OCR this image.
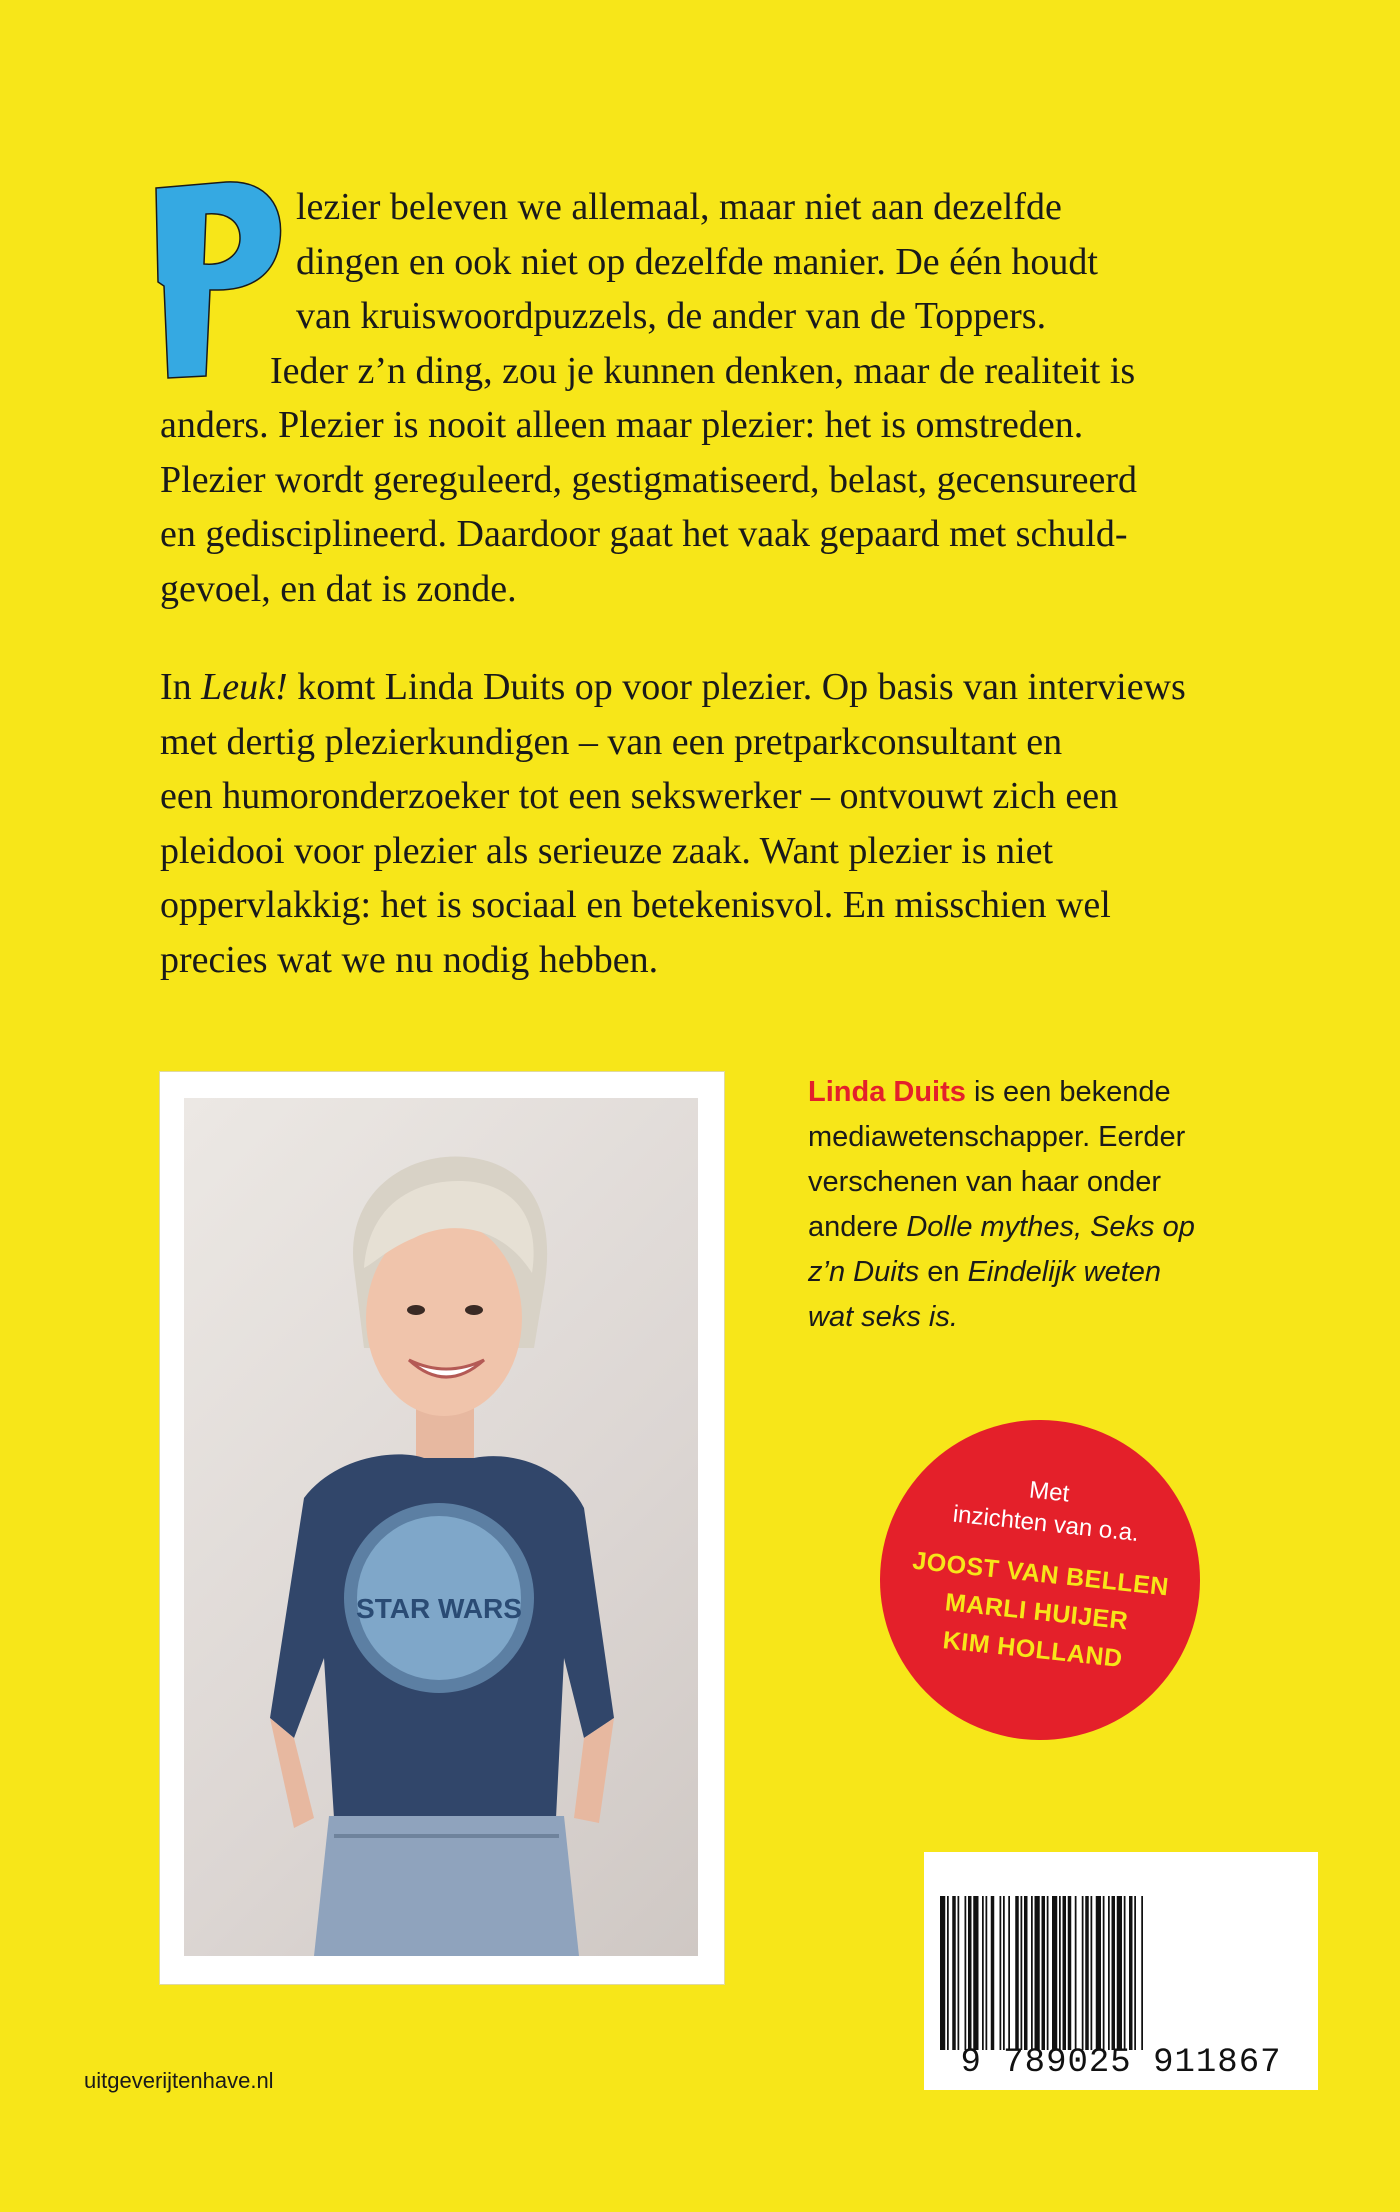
lezier beleven we allemaal, maar niet aan dezelfde
dingen en ook niet op dezelfde manier. De één houdt
van kruiswoordpuzzels, de ander van de Toppers.
Ieder z’n ding, zou je kunnen denken, maar de realiteit is
anders. Plezier is nooit alleen maar plezier: het is omstreden.
Plezier wordt gereguleerd, gestigmatiseerd, belast, gecensureerd
en gedisciplineerd. Daardoor gaat het vaak gepaard met schuld-
gevoel, en dat is zonde.
In Leuk! komt Linda Duits op voor plezier. Op basis van interviews
met dertig plezierkundigen – van een pretparkconsultant en
een humoronderzoeker tot een sekswerker – ontvouwt zich een
pleidooi voor plezier als serieuze zaak. Want plezier is niet
oppervlakkig: het is sociaal en betekenisvol. En misschien wel
precies wat we nu nodig hebben.
STAR WARS
Linda Duits is een bekende
mediawetenschapper. Eerder
verschenen van haar onder
andere Dolle mythes, Seks op
z’n Duits en Eindelijk weten
wat seks is.
Met
inzichten van o.a.
JOOST VAN BELLEN
MARLI HUIJER
KIM HOLLAND
9 789025 911867
uitgeverijtenhave.nl
